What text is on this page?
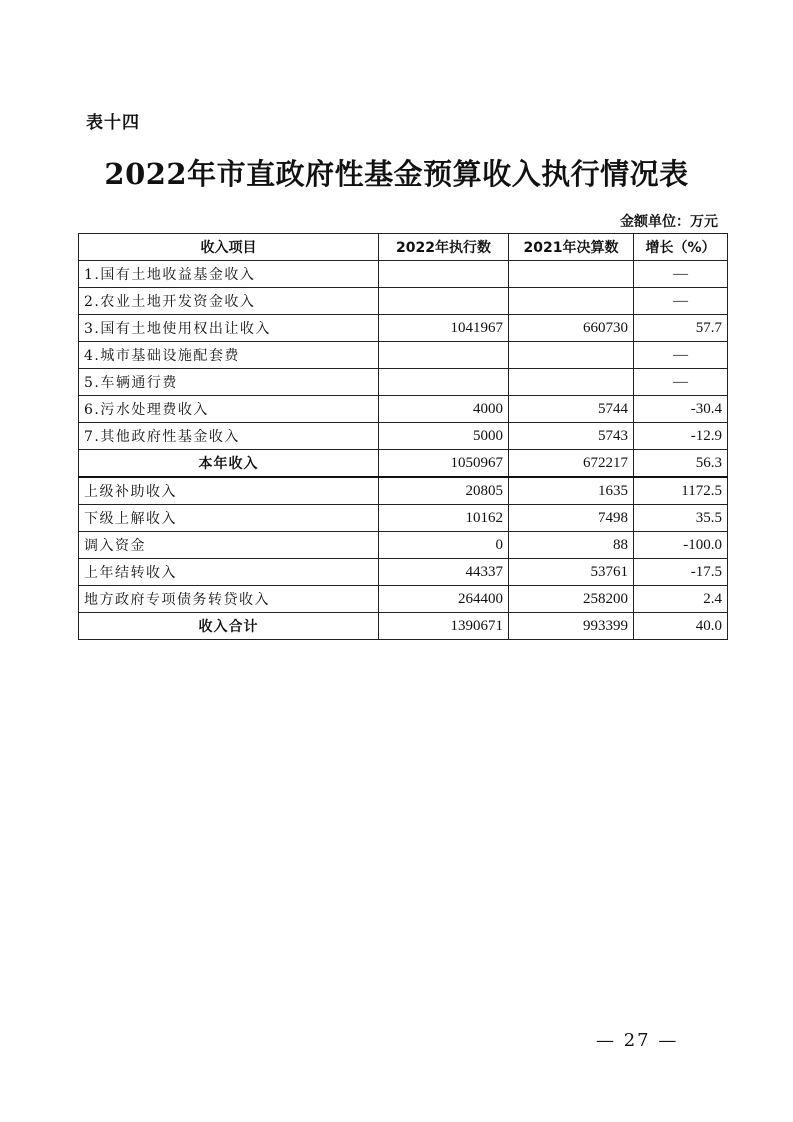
表十四
2022年市直政府性基金预算收入执行情况表
金额单位：万元
收入项目	2022年执行数	2021年决算数	增长（%）
1.国有土地收益基金收入			—
2.农业土地开发资金收入			—
3.国有土地使用权出让收入	1041967	660730	57.7
4.城市基础设施配套费			—
5.车辆通行费			—
6.污水处理费收入	4000	5744	-30.4
7.其他政府性基金收入	5000	5743	-12.9
本年收入	1050967	672217	56.3
上级补助收入	20805	1635	1172.5
下级上解收入	10162	7498	35.5
调入资金	0	88	-100.0
上年结转收入	44337	53761	-17.5
地方政府专项债务转贷收入	264400	258200	2.4
收入合计	1390671	993399	40.0
— 27 —
